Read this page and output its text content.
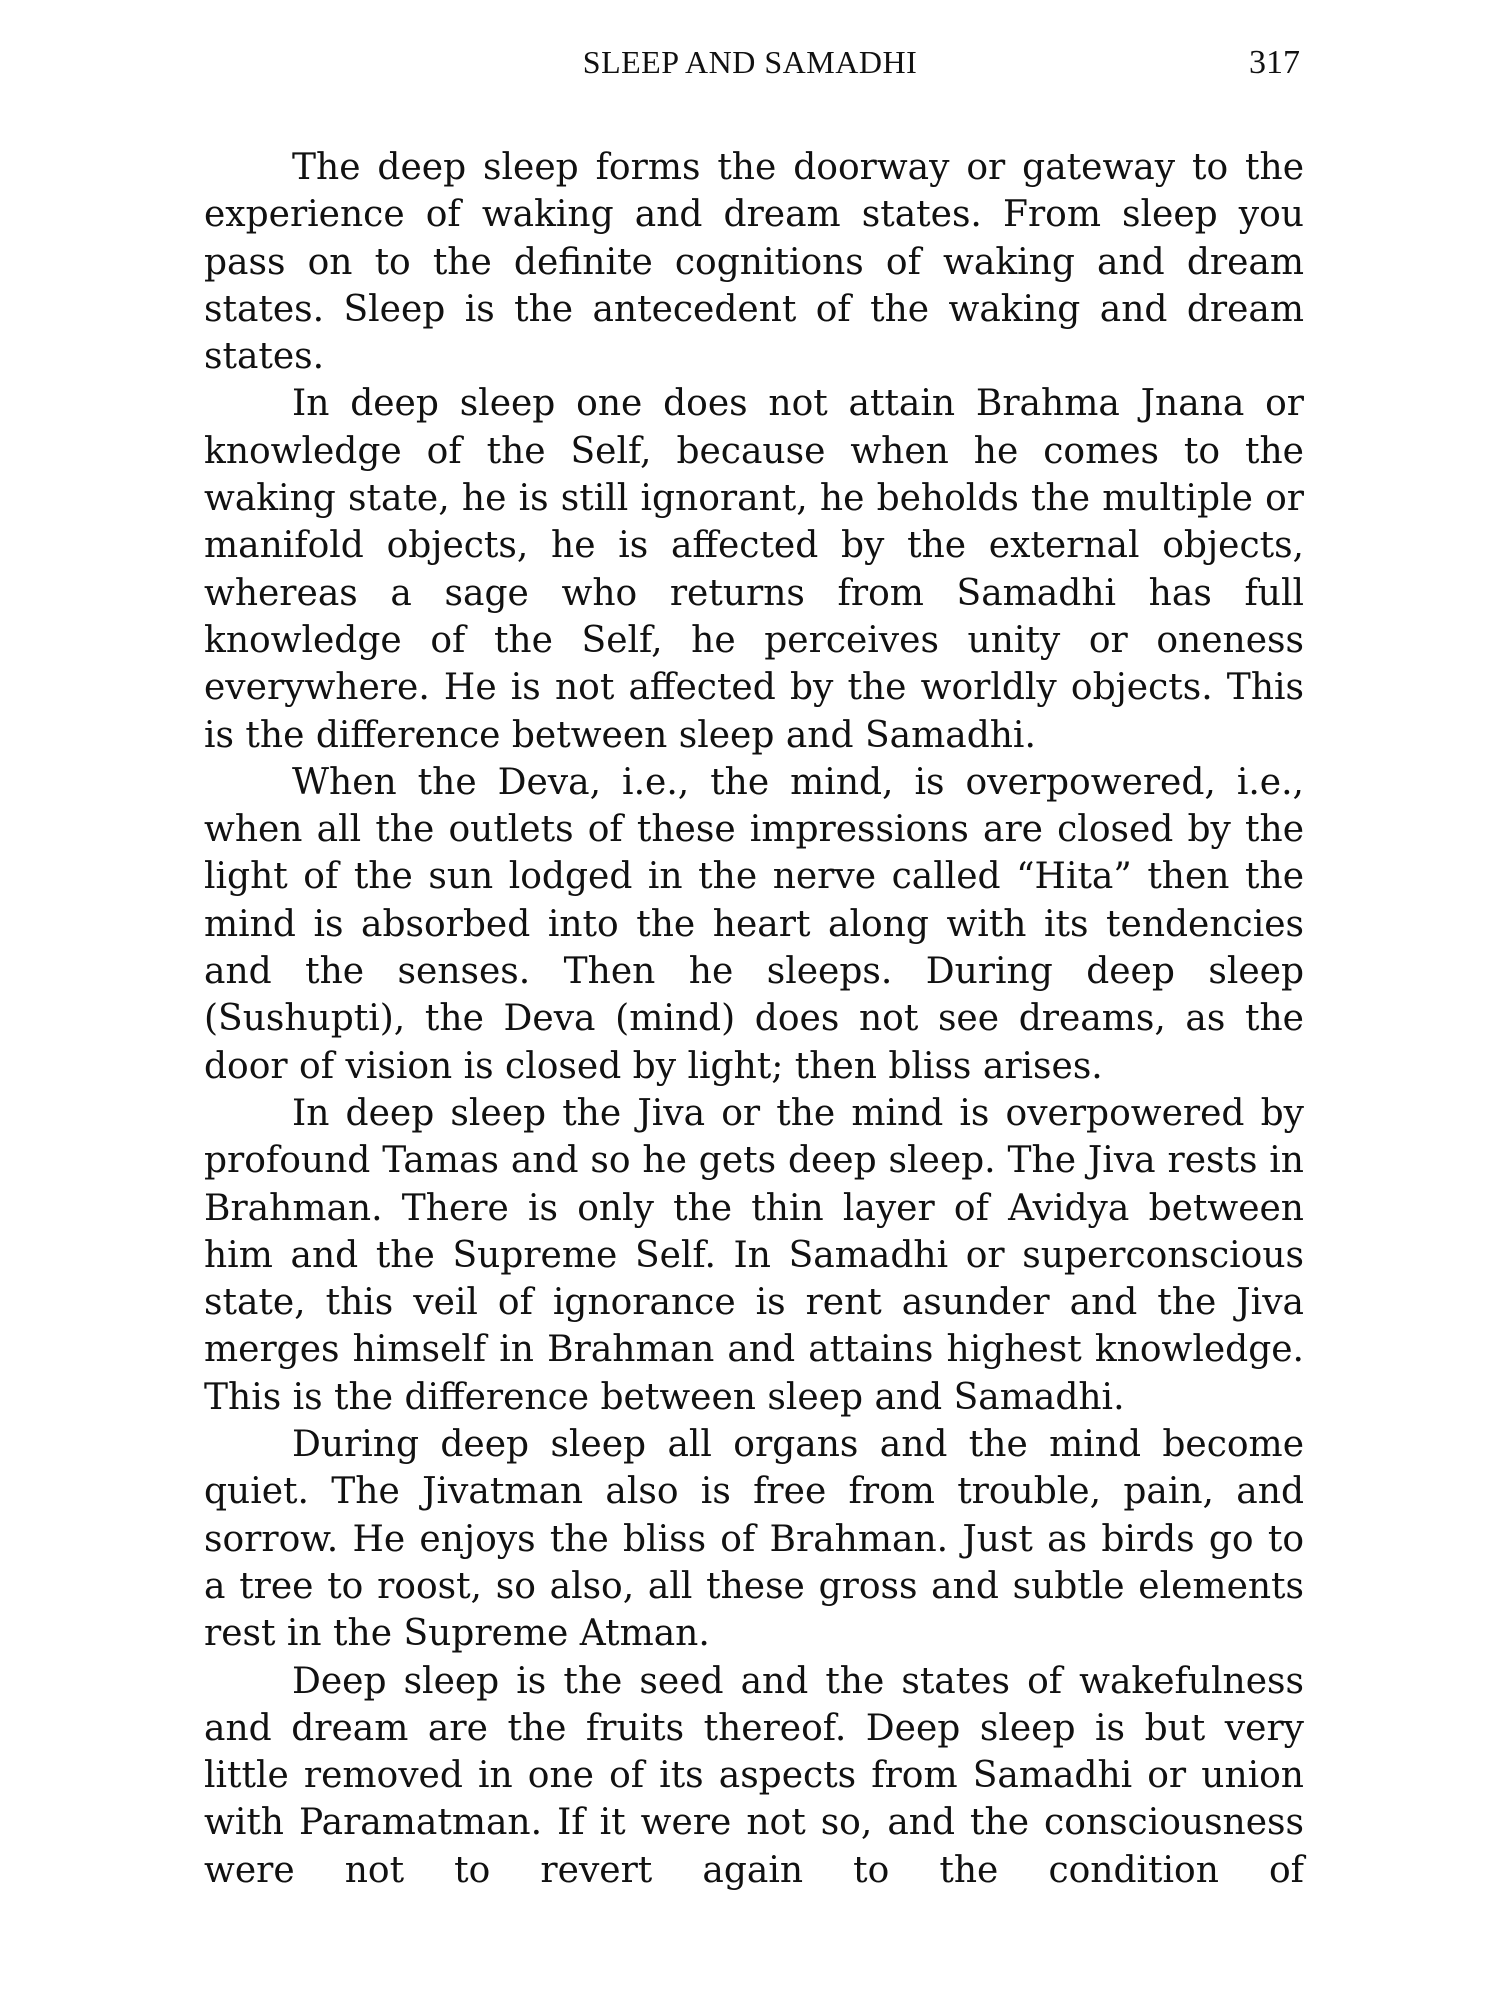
SLEEP AND SAMADHI	317

The deep sleep forms the doorway or gateway to the experience of waking and dream states. From sleep you pass on to the definite cognitions of waking and dream states. Sleep is the antecedent of the waking and dream states.

In deep sleep one does not attain Brahma Jnana or knowledge of the Self, because when he comes to the waking state, he is still ignorant, he beholds the multiple or manifold objects, he is affected by the external objects, whereas a sage who returns from Samadhi has full knowledge of the Self, he perceives unity or oneness everywhere. He is not affected by the worldly objects. This is the difference between sleep and Samadhi.

When the Deva, i.e., the mind, is overpowered, i.e., when all the outlets of these impressions are closed by the light of the sun lodged in the nerve called “Hita” then the mind is absorbed into the heart along with its tendencies and the senses. Then he sleeps. During deep sleep (Sushupti), the Deva (mind) does not see dreams, as the door of vision is closed by light; then bliss arises.

In deep sleep the Jiva or the mind is overpowered by profound Tamas and so he gets deep sleep. The Jiva rests in Brahman. There is only the thin layer of Avidya between him and the Supreme Self. In Samadhi or superconscious state, this veil of ignorance is rent asunder and the Jiva merges himself in Brahman and attains highest knowledge. This is the difference between sleep and Samadhi.

During deep sleep all organs and the mind become quiet. The Jivatman also is free from trouble, pain, and sorrow. He enjoys the bliss of Brahman. Just as birds go to a tree to roost, so also, all these gross and subtle elements rest in the Supreme Atman.

Deep sleep is the seed and the states of wakefulness and dream are the fruits thereof. Deep sleep is but very little removed in one of its aspects from Samadhi or union with Paramatman. If it were not so, and the consciousness were not to revert again to the condition of
